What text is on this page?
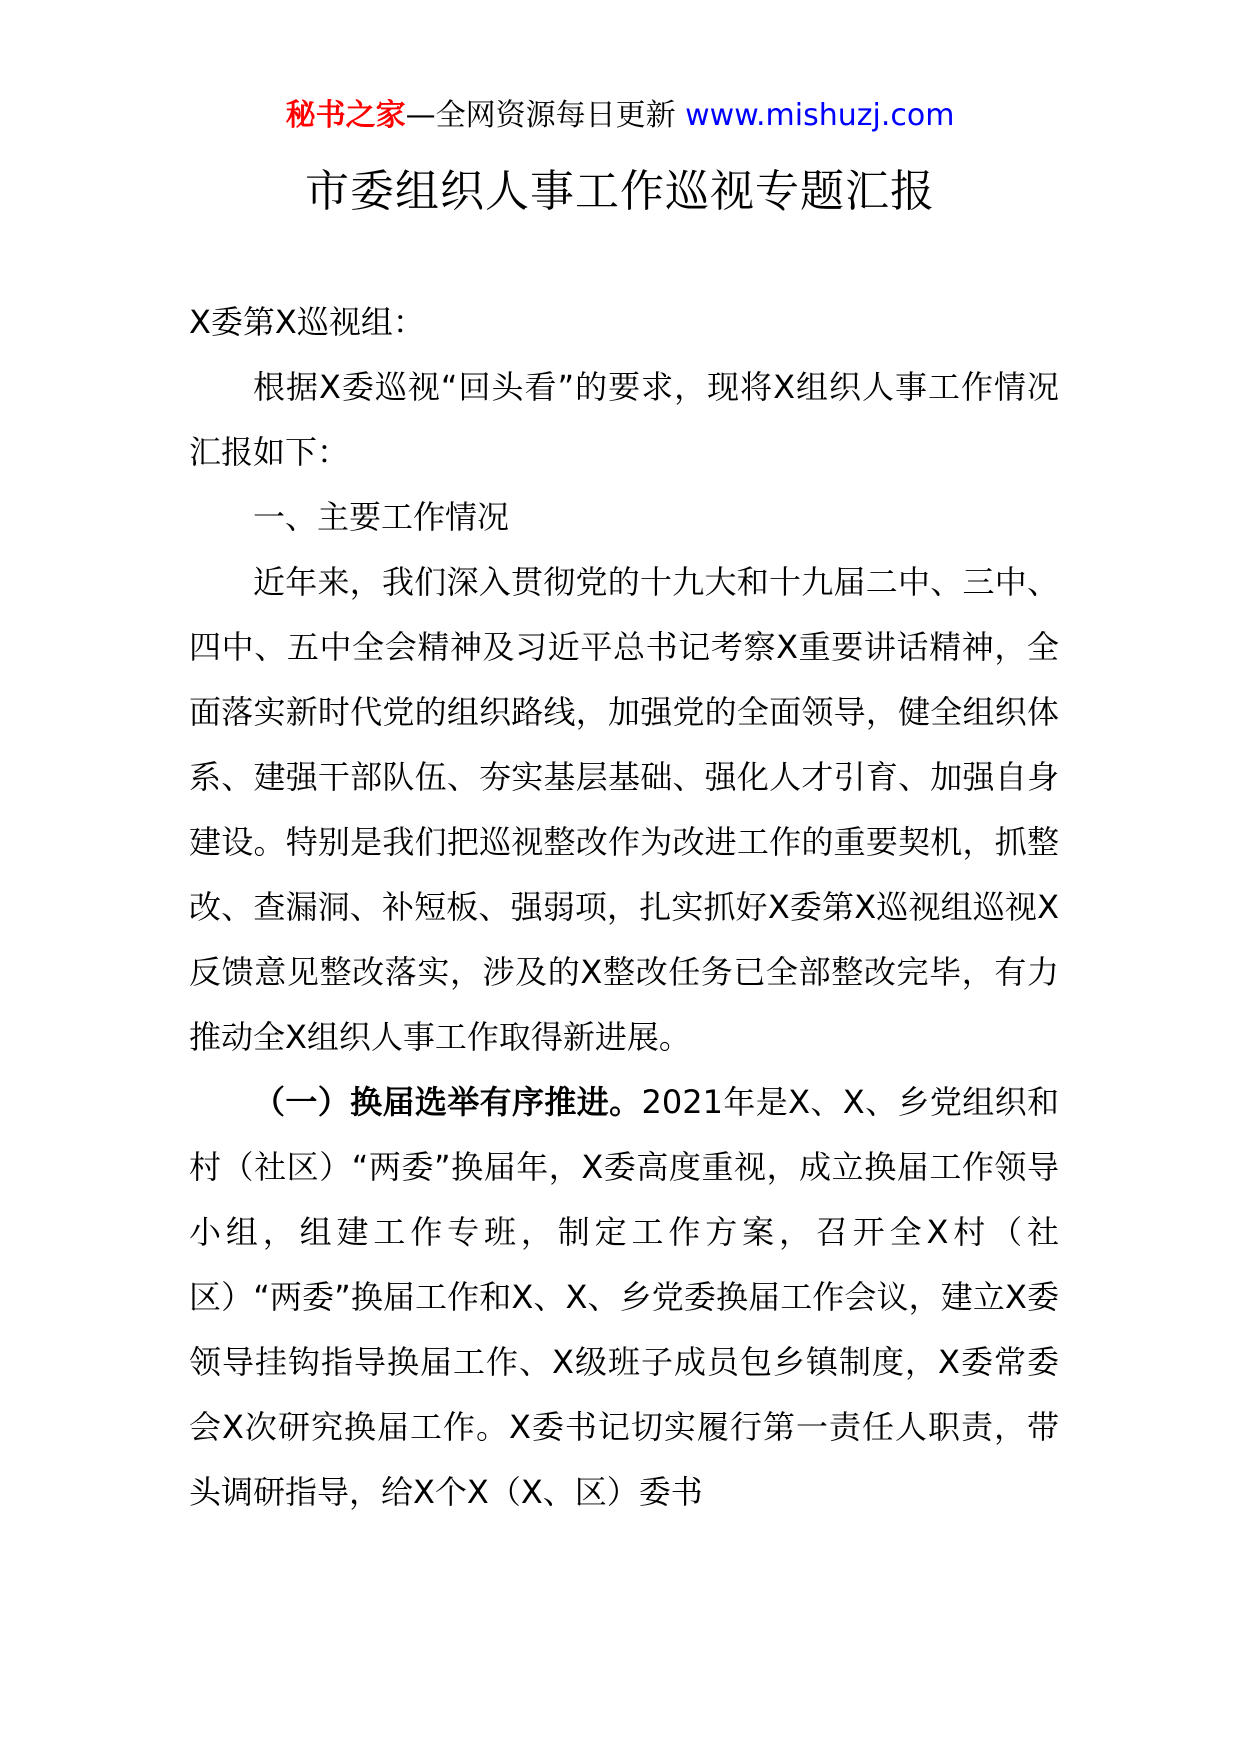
秘书之家—全网资源每日更新 www.mishuzj.com
市委组织人事工作巡视专题汇报

X委第X巡视组：

根据X委巡视“回头看”的要求，现将X组织人事工作情况汇报如下：

一、主要工作情况

近年来，我们深入贯彻党的十九大和十九届二中、三中、四中、五中全会精神及习近平总书记考察X重要讲话精神，全面落实新时代党的组织路线，加强党的全面领导，健全组织体系、建强干部队伍、夯实基层基础、强化人才引育、加强自身建设。特别是我们把巡视整改作为改进工作的重要契机，抓整改、查漏洞、补短板、强弱项，扎实抓好X委第X巡视组巡视X反馈意见整改落实，涉及的X整改任务已全部整改完毕，有力推动全X组织人事工作取得新进展。

（一）换届选举有序推进。2021年是X、X、乡党组织和村（社区）“两委”换届年，X委高度重视，成立换届工作领导小组，组建工作专班，制定工作方案，召开全X村（社区）“两委”换届工作和X、X、乡党委换届工作会议，建立X委领导挂钩指导换届工作、X级班子成员包乡镇制度，X委常委会X次研究换届工作。X委书记切实履行第一责任人职责，带头调研指导，给X个X（X、区）委书
